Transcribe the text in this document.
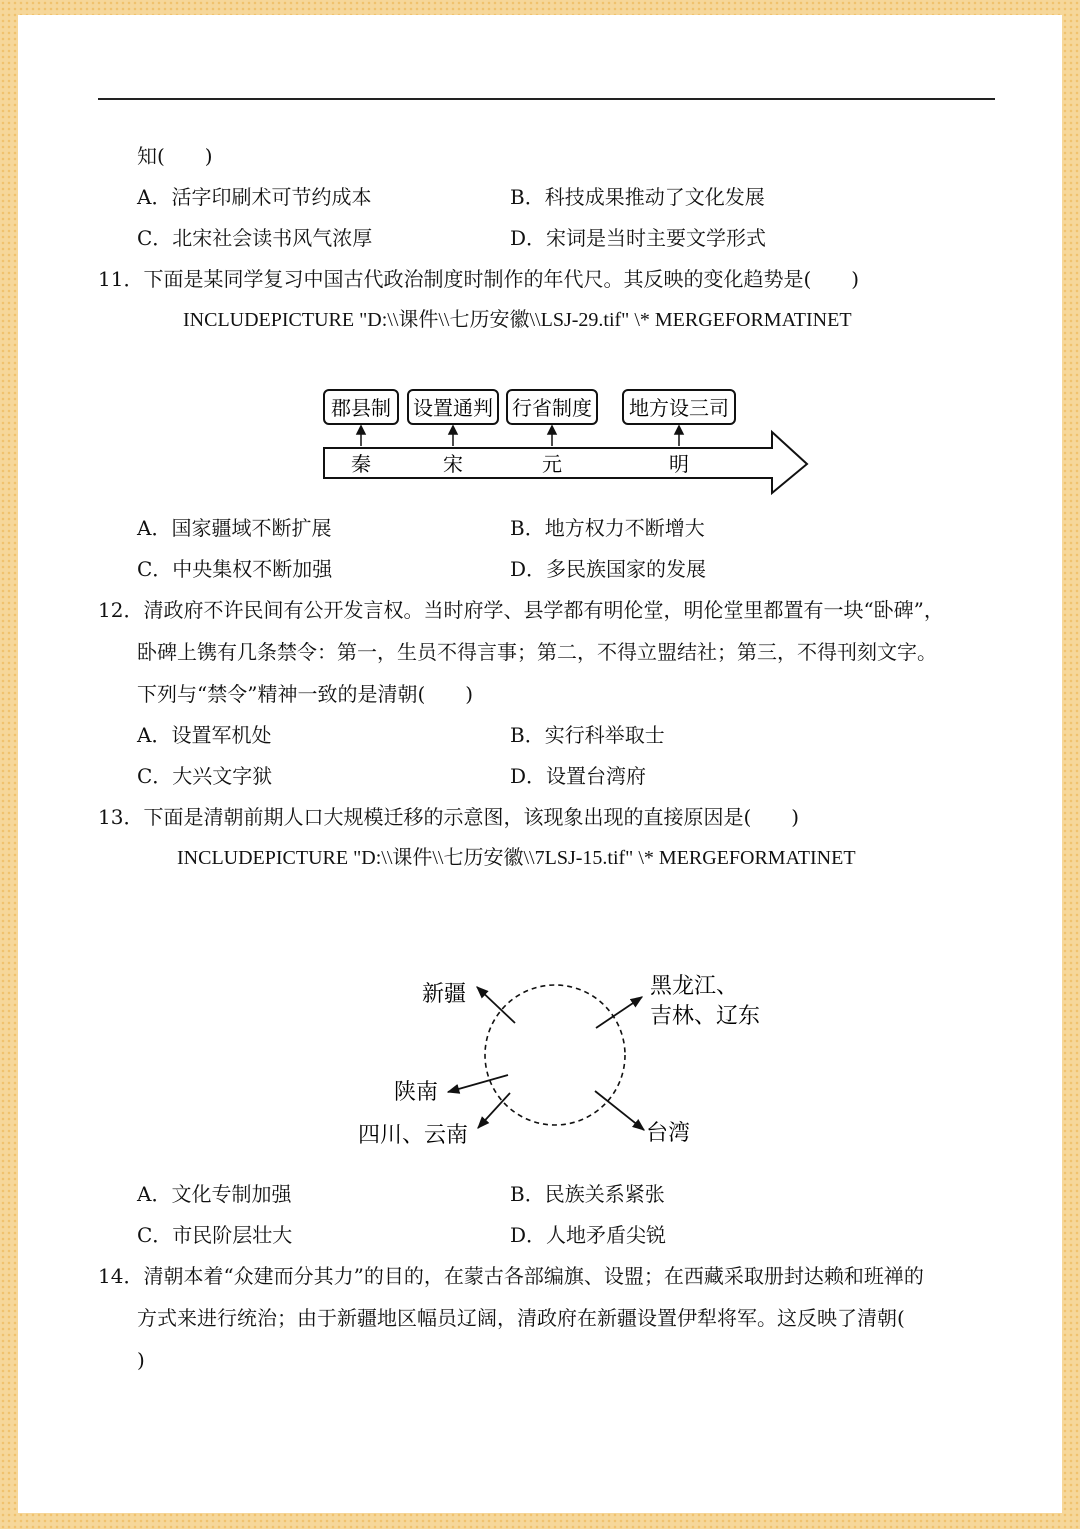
知(　　)
A．活字印刷术可节约成本	B．科技成果推动了文化发展
C．北宋社会读书风气浓厚	D．宋词是当时主要文学形式
11．下面是某同学复习中国古代政治制度时制作的年代尺。其反映的变化趋势是(　　)
INCLUDEPICTURE "D:\\课件\\七历安徽\\LSJ-29.tif" \* MERGEFORMATINET
郡县制 设置通判 行省制度 地方设三司
秦	宋	元	明
A．国家疆域不断扩展	B．地方权力不断增大
C．中央集权不断加强	D．多民族国家的发展
12．清政府不许民间有公开发言权。当时府学、县学都有明伦堂，明伦堂里都置有一块“卧碑”，
卧碑上镌有几条禁令：第一，生员不得言事；第二，不得立盟结社；第三，不得刊刻文字。
下列与“禁令”精神一致的是清朝(　　)
A．设置军机处	B．实行科举取士
C．大兴文字狱	D．设置台湾府
13．下面是清朝前期人口大规模迁移的示意图，该现象出现的直接原因是(　　)
INCLUDEPICTURE "D:\\课件\\七历安徽\\7LSJ-15.tif" \* MERGEFORMATINET
新疆	黑龙江、
吉林、辽东
陕南
四川、云南	台湾
A．文化专制加强	B．民族关系紧张
C．市民阶层壮大	D．人地矛盾尖锐
14．清朝本着“众建而分其力”的目的，在蒙古各部编旗、设盟；在西藏采取册封达赖和班禅的
方式来进行统治；由于新疆地区幅员辽阔，清政府在新疆设置伊犁将军。这反映了清朝(
)
